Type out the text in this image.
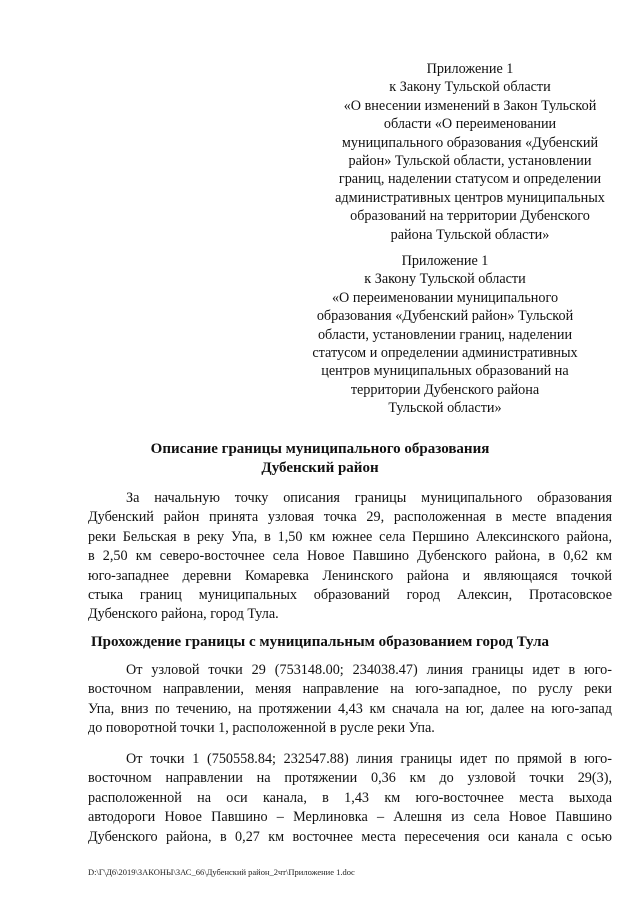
Приложение 1
к Закону Тульской области
«О внесении изменений в Закон Тульской
области «О переименовании
муниципального образования «Дубенский
район» Тульской области, установлении
границ, наделении статусом и определении
административных центров муниципальных
образований на территории Дубенского
района Тульской области»
Приложение 1
к Закону Тульской области
«О переименовании муниципального
образования «Дубенский район» Тульской
области, установлении границ, наделении
статусом и определении административных
центров муниципальных образований на
территории Дубенского района
Тульской области»
Описание границы муниципального образования
Дубенский район
За начальную точку описания границы муниципального образования
Дубенский район принята узловая точка 29, расположенная в месте впадения
реки Бельская в реку Упа, в 1,50 км южнее села Першино Алексинского района,
в 2,50 км северо-восточнее села Новое Павшино Дубенского района, в 0,62 км
юго-западнее деревни Комаревка Ленинского района и являющаяся точкой
стыка границ муниципальных образований город Алексин, Протасовское
Дубенского района, город Тула.
Прохождение границы с муниципальным образованием город Тула
От узловой точки 29 (753148.00; 234038.47) линия границы идет в юго-
восточном направлении, меняя направление на юго-западное, по руслу реки
Упа, вниз по течению, на протяжении 4,43 км сначала на юг, далее на юго-запад
до поворотной точки 1, расположенной в русле реки Упа.
От точки 1 (750558.84; 232547.88) линия границы идет по прямой в юго-
восточном направлении на протяжении 0,36 км до узловой точки 29(3),
расположенной на оси канала, в 1,43 км юго-восточнее места выхода
автодороги Новое Павшино – Мерлиновка – Алешня из села Новое Павшино
Дубенского района, в 0,27 км восточнее места пересечения оси канала с осью
D:\Г\Д6\2019\ЗАКОНЫ\ЗАС_66\Дубенский район_2чт\Приложение 1.doc
